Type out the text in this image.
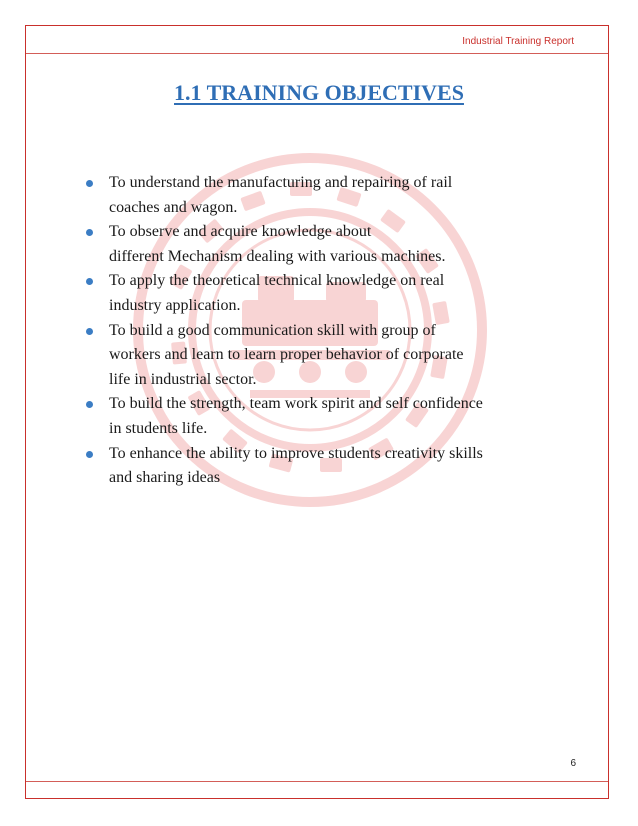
Industrial Training Report
1.1 TRAINING OBJECTIVES
To understand the manufacturing and repairing of rail
coaches and wagon.
To observe and acquire knowledge about
different Mechanism dealing with various machines.
To apply the theoretical technical knowledge on real
industry application.
To build a good communication skill with group of
workers and learn to learn proper behavior of corporate
life in industrial sector.
To build the strength, team work spirit and self confidence
in students life.
To enhance the ability to improve students creativity skills
and sharing ideas
6
